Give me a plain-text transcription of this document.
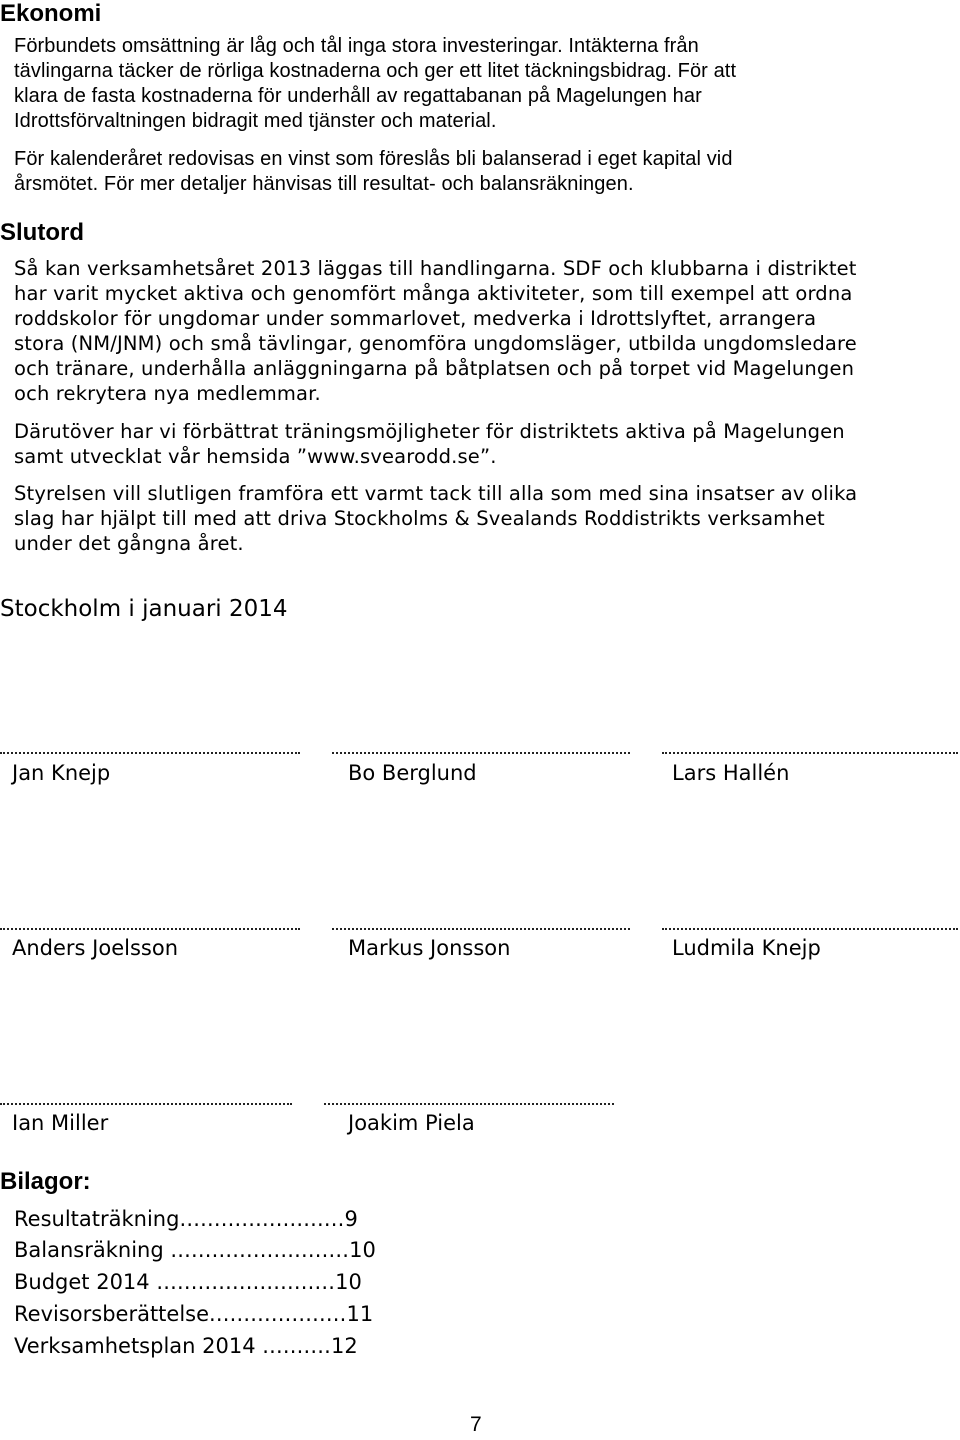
Ekonomi
Förbundets omsättning är låg och tål inga stora investeringar. Intäkterna från
tävlingarna täcker de rörliga kostnaderna och ger ett litet täckningsbidrag. För att
klara de fasta kostnaderna för underhåll av regattabanan på Magelungen har
Idrottsförvaltningen bidragit med tjänster och material.
För kalenderåret redovisas en vinst som föreslås bli balanserad i eget kapital vid
årsmötet. För mer detaljer hänvisas till resultat- och balansräkningen.
Slutord
Så kan verksamhetsåret 2013 läggas till handlingarna. SDF och klubbarna i distriktet
har varit mycket aktiva och genomfört många aktiviteter, som till exempel att ordna
roddskolor för ungdomar under sommarlovet, medverka i Idrottslyftet, arrangera
stora (NM/JNM) och små tävlingar, genomföra ungdomsläger, utbilda ungdomsledare
och tränare, underhålla anläggningarna på båtplatsen och på torpet vid Magelungen
och rekrytera nya medlemmar.
Därutöver har vi förbättrat träningsmöjligheter för distriktets aktiva på Magelungen
samt utvecklat vår hemsida ”www.svearodd.se”.
Styrelsen vill slutligen framföra ett varmt tack till alla som med sina insatser av olika
slag har hjälpt till med att driva Stockholms & Svealands Roddistrikts verksamhet
under det gångna året.
Stockholm i januari 2014
Jan Knejp	Bo Berglund	Lars Hallén
Anders Joelsson	Markus Jonsson	Ludmila Knejp
Ian Miller	Joakim Piela
Bilagor:
Resultaträkning........................9
Balansräkning ..........................10
Budget 2014 ..........................10
Revisorsberättelse....................11
Verksamhetsplan 2014 ..........12
7
